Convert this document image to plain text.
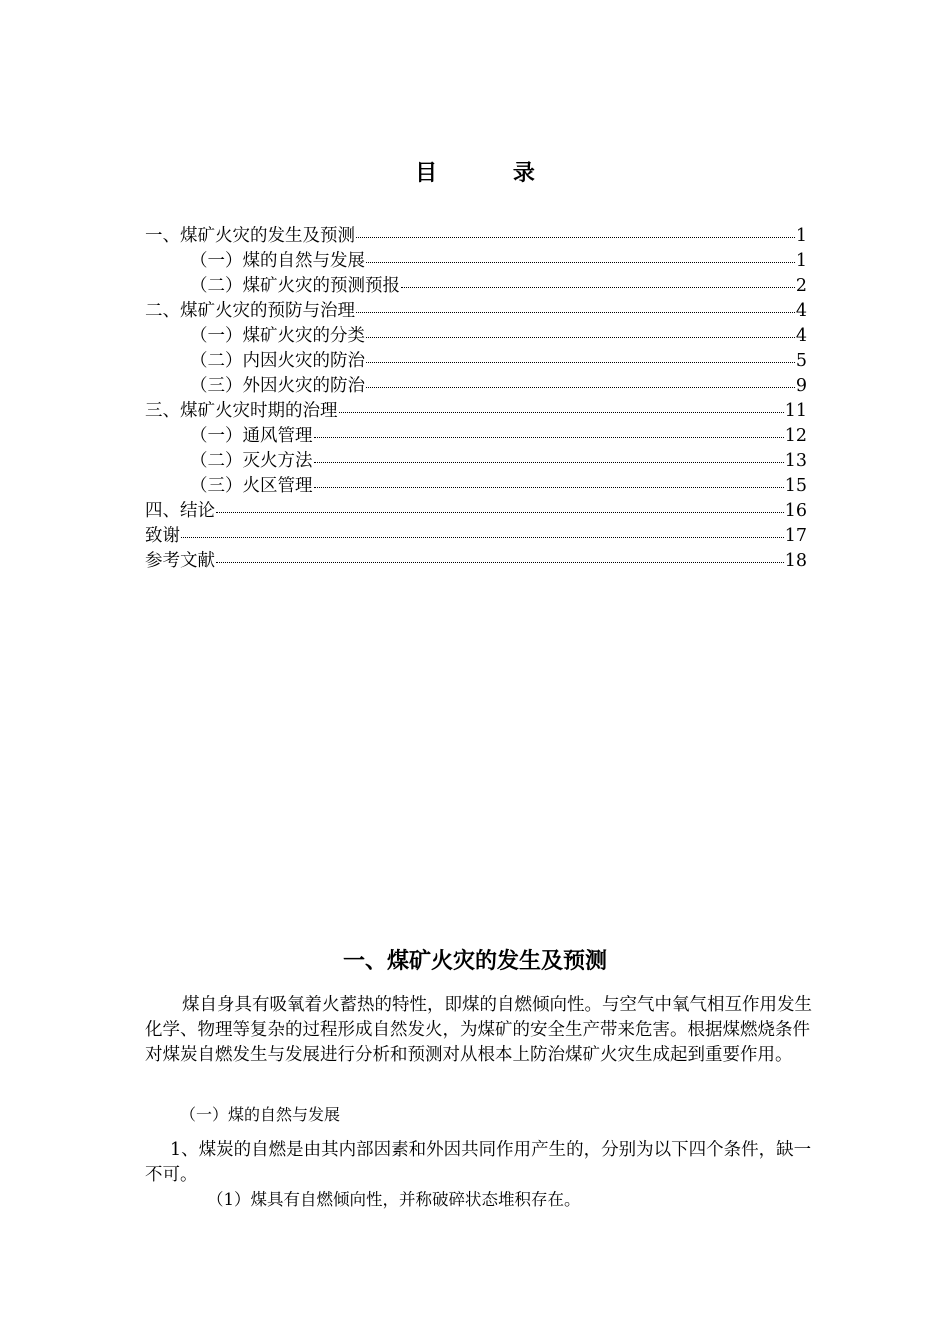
目 录
一、煤矿火灾的发生及预测	1
（一）煤的自然与发展	1
（二）煤矿火灾的预测预报	2
二、煤矿火灾的预防与治理	4
（一）煤矿火灾的分类	4
（二）内因火灾的防治	5
（三）外因火灾的防治	9
三、煤矿火灾时期的治理	11
（一）通风管理	12
（二）灭火方法	13
（三）火区管理	15
四、结论	16
致谢	17
参考文献	18
一、煤矿火灾的发生及预测
煤自身具有吸氧着火蓄热的特性，即煤的自燃倾向性。与空气中氧气相互作用发生化学、物理等复杂的过程形成自然发火，为煤矿的安全生产带来危害。根据煤燃烧条件对煤炭自燃发生与发展进行分析和预测对从根本上防治煤矿火灾生成起到重要作用。
（一）煤的自然与发展
1、煤炭的自燃是由其内部因素和外因共同作用产生的，分别为以下四个条件，缺一不可。
（1）煤具有自燃倾向性，并称破碎状态堆积存在。
